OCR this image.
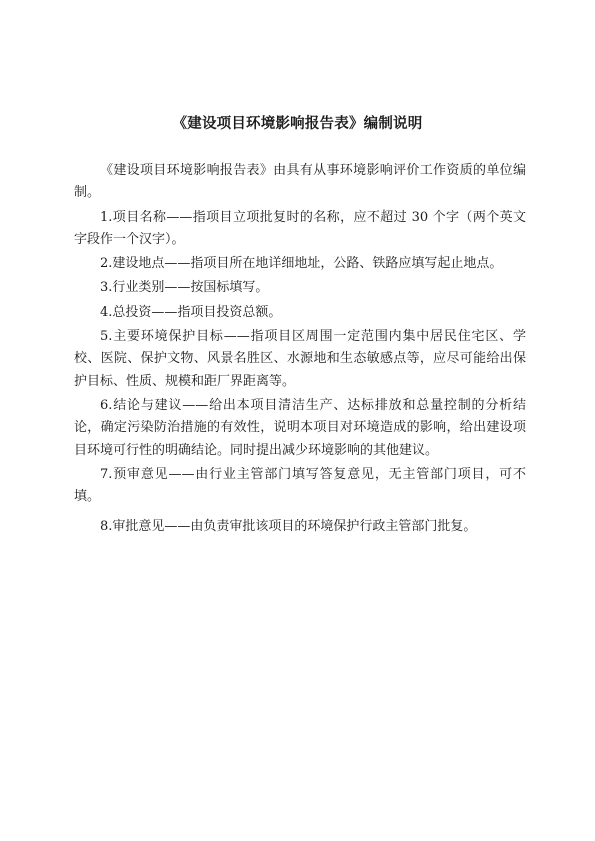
《建设项目环境影响报告表》编制说明

《建设项目环境影响报告表》由具有从事环境影响评价工作资质的单位编制。

1.项目名称——指项目立项批复时的名称，应不超过 30 个字（两个英文字段作一个汉字）。

2.建设地点——指项目所在地详细地址，公路、铁路应填写起止地点。

3.行业类别——按国标填写。

4.总投资——指项目投资总额。

5.主要环境保护目标——指项目区周围一定范围内集中居民住宅区、学校、医院、保护文物、风景名胜区、水源地和生态敏感点等，应尽可能给出保护目标、性质、规模和距厂界距离等。

6.结论与建议——给出本项目清洁生产、达标排放和总量控制的分析结论，确定污染防治措施的有效性，说明本项目对环境造成的影响，给出建设项目环境可行性的明确结论。同时提出减少环境影响的其他建议。

7.预审意见——由行业主管部门填写答复意见，无主管部门项目，可不填。

8.审批意见——由负责审批该项目的环境保护行政主管部门批复。
